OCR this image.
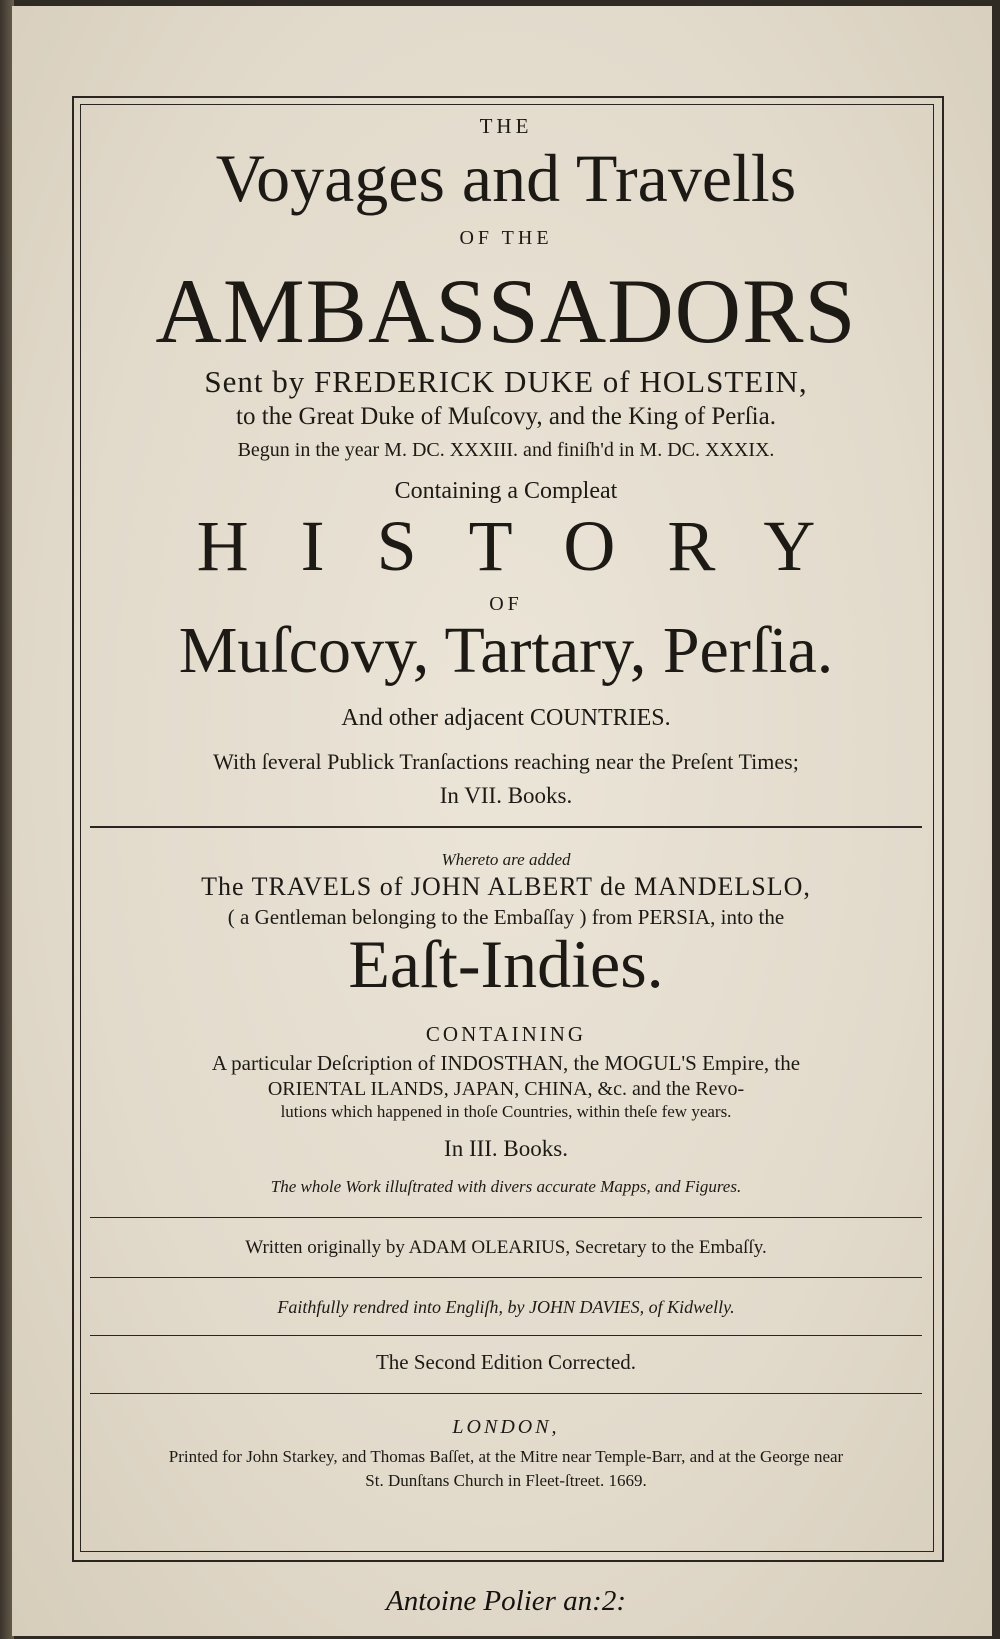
THE
Voyages and Travells
OF THE
AMBASSADORS
Sent by FREDERICK DUKE of HOLSTEIN,
to the Great Duke of Muſcovy, and the King of Perſia.
Begun in the year M. DC. XXXIII. and finiſh'd in M. DC. XXXIX.
Containing a Compleat
HISTORY
OF
Muſcovy, Tartary, Perſia.
And other adjacent COUNTRIES.
With ſeveral Publick Tranſactions reaching near the Preſent Times;
In VII. Books.
Whereto are added
The TRAVELS of JOHN ALBERT de MANDELSLO,
( a Gentleman belonging to the Embaſſay ) from PERSIA, into the
Eaſt-Indies.
CONTAINING
A particular Deſcription of INDOSTHAN, the MOGUL'S Empire, the
ORIENTAL ILANDS, JAPAN, CHINA, &c. and the Revo-
lutions which happened in thoſe Countries, within theſe few years.
In III. Books.
The whole Work illuſtrated with divers accurate Mapps, and Figures.
Written originally by ADAM OLEARIUS, Secretary to the Embaſſy.
Faithfully rendred into Engliſh, by JOHN DAVIES, of Kidwelly.
The Second Edition Corrected.
LONDON,
Printed for John Starkey, and Thomas Baſſet, at the Mitre near Temple-Barr, and at the George near
St. Dunſtans Church in Fleet-ſtreet. 1669.
Antoine Polier an:2:
